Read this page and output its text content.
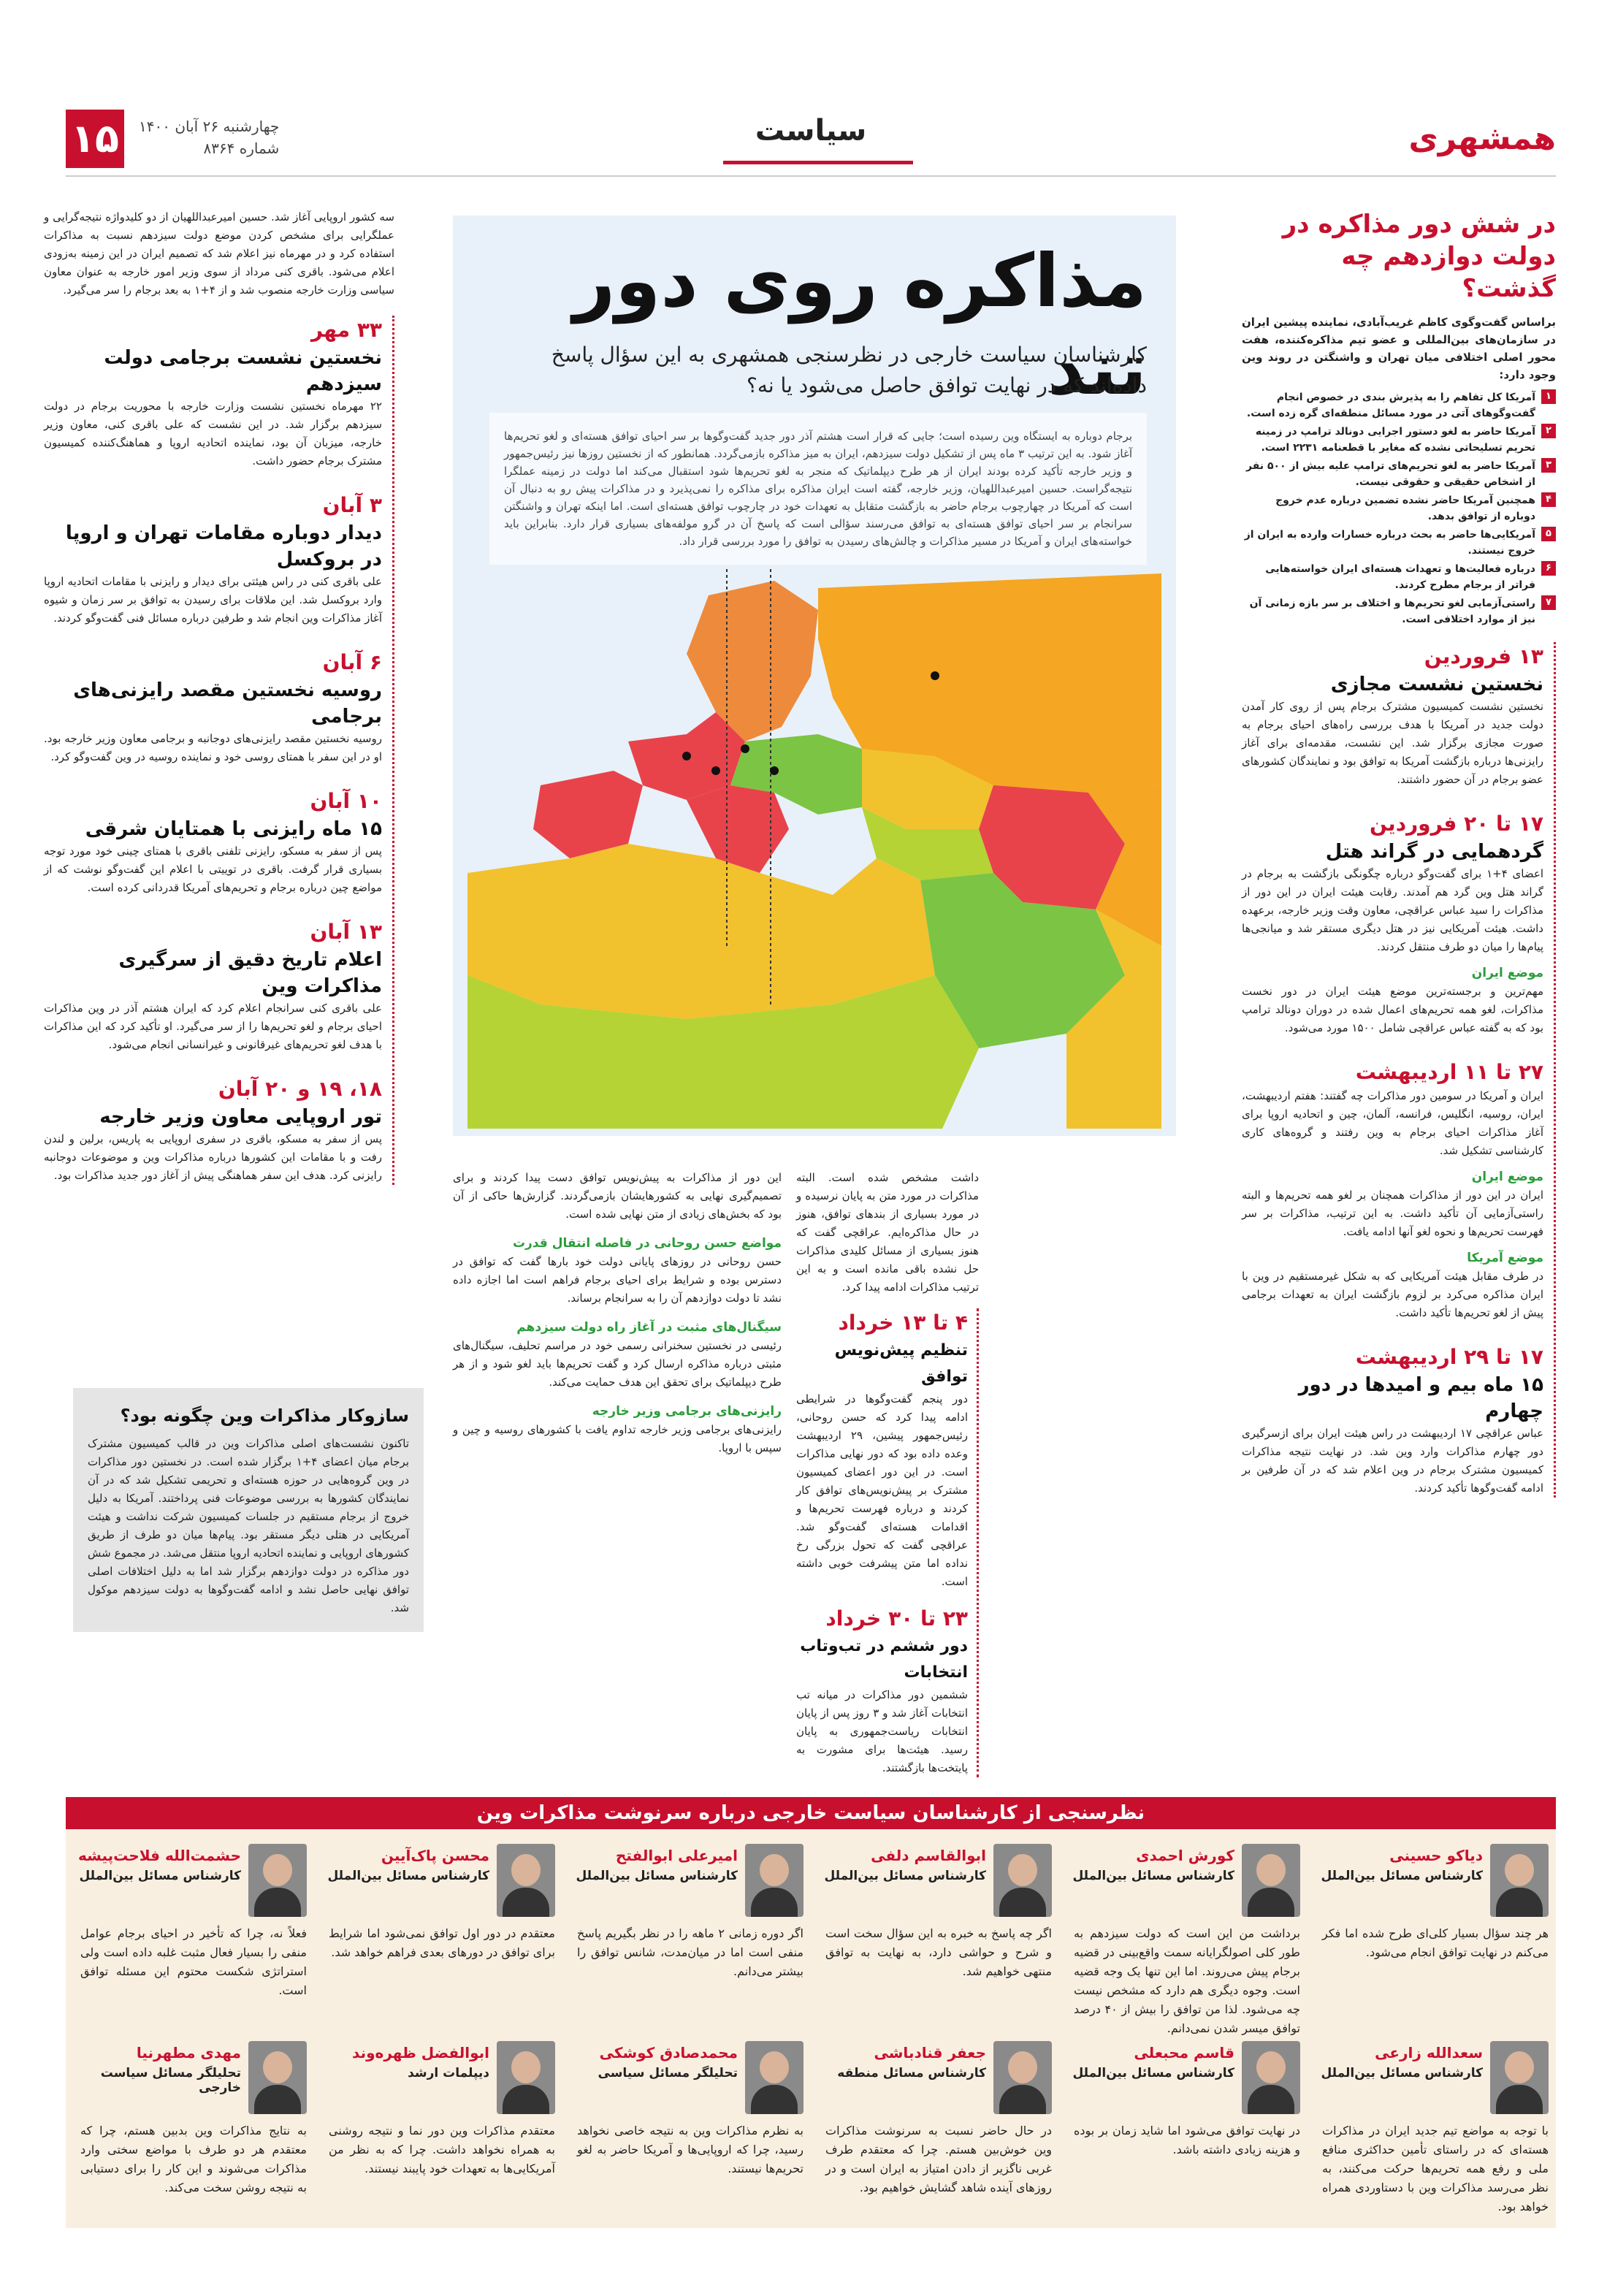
همشهری
سیاست
۱۵	چهارشنبه ۲۶ آبان ۱۴۰۰
شماره ۸۳۶۴
در شش دور مذاکره در دولت دوازدهم چه گذشت؟
براساس گفت‌وگوی کاظم غریب‌آبادی، نماینده پیشین ایران در سازمان‌های بین‌المللی و عضو تیم مذاکره‌کننده، هفت محور اصلی اختلافی میان تهران و واشنگتن در روند وین وجود دارد:
۱
آمریکا کل تفاهم را به پذیرش بندی در خصوص انجام گفت‌وگوهای آتی در مورد مسائل منطقه‌ای گره زده است.
۲
آمریکا حاضر به لغو دستور اجرایی دونالد ترامپ در زمینه تحریم تسلیحاتی نشده که مغایر با قطعنامه ۲۲۳۱ است.
۳
آمریکا حاضر به لغو تحریم‌های ترامپ علیه بیش از ۵۰۰ نفر از اشخاص حقیقی و حقوقی نیست.
۴
همچنین آمریکا حاضر نشده تضمین درباره عدم خروج دوباره از توافق بدهد.
۵
آمریکایی‌ها حاضر به بحث درباره خسارات وارده به ایران از خروج نیستند.
۶
درباره فعالیت‌ها و تعهدات هسته‌ای ایران خواسته‌هایی فراتر از برجام مطرح کردند.
۷
راستی‌آزمایی لغو تحریم‌ها و اختلاف بر سر بازه زمانی آن نیز از موارد اختلافی است.
۱۳ فروردین
نخستین نشست مجازی
نخستین نشست کمیسیون مشترک برجام پس از روی کار آمدن دولت جدید در آمریکا با هدف بررسی راه‌های احیای برجام به صورت مجازی برگزار شد. این نشست، مقدمه‌ای برای آغاز رایزنی‌ها درباره بازگشت آمریکا به توافق بود و نمایندگان کشورهای عضو برجام در آن حضور داشتند.
۱۷ تا ۲۰ فروردین
گردهمایی در گراند هتل
اعضای ۴+۱ برای گفت‌وگو درباره چگونگی بازگشت به برجام در گراند هتل وین گرد هم آمدند. رقابت هیئت ایران در این دور از مذاکرات را سید عباس عراقچی، معاون وقت وزیر خارجه، برعهده داشت. هیئت آمریکایی نیز در هتل دیگری مستقر شد و میانجی‌ها پیام‌ها را میان دو طرف منتقل کردند.
موضع ایران
مهم‌ترین و برجسته‌ترین موضع هیئت ایران در دور نخست مذاکرات، لغو همه تحریم‌های اعمال شده در دوران دونالد ترامپ بود که به گفته عباس عراقچی شامل ۱۵۰۰ مورد می‌شود.
۲۷ تا ۱۱ اردیبهشت
ایران و آمریکا در سومین دور مذاکرات چه گفتند: هفتم اردیبهشت، ایران، روسیه، انگلیس، فرانسه، آلمان، چین و اتحادیه اروپا برای آغاز مذاکرات احیای برجام به وین رفتند و گروه‌های کاری کارشناسی تشکیل شد.
موضع ایران
ایران در این دور از مذاکرات همچنان بر لغو همه تحریم‌ها و البته راستی‌آزمایی آن تأکید داشت. به این ترتیب، مذاکرات بر سر فهرست تحریم‌ها و نحوه لغو آنها ادامه یافت.
موضع آمریکا
در طرف مقابل هیئت آمریکایی که به شکل غیرمستقیم در وین با ایران مذاکره می‌کرد بر لزوم بازگشت ایران به تعهدات برجامی پیش از لغو تحریم‌ها تأکید داشت.
۱۷ تا ۲۹ اردیبهشت
۱۵ ماه بیم و امیدها در دور چهارم
عباس عراقچی ۱۷ اردیبهشت در راس هیئت ایران برای ازسرگیری دور چهارم مذاکرات وارد وین شد. در نهایت نتیجه مذاکرات کمیسیون مشترک برجام در وین اعلام شد که در آن طرفین بر ادامه گفت‌وگوها تأکید کردند.
سه کشور اروپایی آغاز شد. حسین امیرعبداللهیان از دو کلیدواژه نتیجه‌گرایی و عملگرایی برای مشخص کردن موضع دولت سیزدهم نسبت به مذاکرات استفاده کرد و در مهرماه نیز اعلام شد که تصمیم ایران در این زمینه به‌زودی اعلام می‌شود. باقری کنی مرداد از سوی وزیر امور خارجه به عنوان معاون سیاسی وزارت خارجه منصوب شد و از ۴+۱ به بعد برجام را سر می‌گیرد.
۳۳ مهر
نخستین نشست برجامی دولت سیزدهم
۲۲ مهرماه نخستین نشست وزارت خارجه با محوریت برجام در دولت سیزدهم برگزار شد. در این نشست که علی باقری کنی، معاون وزیر خارجه، میزبان آن بود، نماینده اتحادیه اروپا و هماهنگ‌کننده کمیسیون مشترک برجام حضور داشت.
۳ آبان
دیدار دوباره مقامات تهران و اروپا در بروکسل
علی باقری کنی در راس هیئتی برای دیدار و رایزنی با مقامات اتحادیه اروپا وارد بروکسل شد. این ملاقات برای رسیدن به توافق بر سر زمان و شیوه آغاز مذاکرات وین انجام شد و طرفین درباره مسائل فنی گفت‌وگو کردند.
۶ آبان
روسیه نخستین مقصد رایزنی‌های برجامی
روسیه نخستین مقصد رایزنی‌های دوجانبه و برجامی معاون وزیر خارجه بود. او در این سفر با همتای روسی خود و نماینده روسیه در وین گفت‌وگو کرد.
۱۰ آبان
۱۵ ماه رایزنی با همتایان شرقی
پس از سفر به مسکو، رایزنی تلفنی باقری با همتای چینی خود مورد توجه بسیاری قرار گرفت. باقری در توییتی با اعلام این گفت‌وگو نوشت که از مواضع چین درباره برجام و تحریم‌های آمریکا قدردانی کرده است.
۱۳ آبان
اعلام تاریخ دقیق از سرگیری مذاکرات وین
علی باقری کنی سرانجام اعلام کرد که ایران هشتم آذر در وین مذاکرات احیای برجام و لغو تحریم‌ها را از سر می‌گیرد. او تأکید کرد که این مذاکرات با هدف لغو تحریم‌های غیرقانونی و غیرانسانی انجام می‌شود.
۱۸، ۱۹ و ۲۰ آبان
تور اروپایی معاون وزیر خارجه
پس از سفر به مسکو، باقری در سفری اروپایی به پاریس، برلین و لندن رفت و با مقامات این کشورها درباره مذاکرات وین و موضوعات دوجانبه رایزنی کرد. هدف این سفر هماهنگی پیش از آغاز دور جدید مذاکرات بود.
مذاکره روی دور تند
کارشناسان سیاست خارجی در نظرسنجی همشهری به این سؤال پاسخ داده‌اند که در نهایت توافق حاصل می‌شود یا نه؟
برجام دوباره به ایستگاه وین رسیده است؛ جایی که قرار است هشتم آذر دور جدید گفت‌وگوها بر سر احیای توافق هسته‌ای و لغو تحریم‌ها آغاز شود. به این ترتیب ۳ ماه پس از تشکیل دولت سیزدهم، ایران به میز مذاکره بازمی‌گردد. همانطور که از نخستین روزها نیز رئیس‌جمهور و وزیر خارجه تأکید کرده بودند ایران از هر طرح دیپلماتیک که منجر به لغو تحریم‌ها شود استقبال می‌کند اما دولت در زمینه عملگرا نتیجه‌گراست. حسین امیرعبداللهیان، وزیر خارجه، گفته است ایران مذاکره برای مذاکره را نمی‌پذیرد و در مذاکرات پیش رو به دنبال آن است که آمریکا در چهارچوب برجام حاضر به بازگشت متقابل به تعهدات خود در چارچوب توافق هسته‌ای است. اما اینکه تهران و واشنگتن سرانجام بر سر احیای توافق هسته‌ای به توافق می‌رسند سؤالی است که پاسخ آن در گرو مولفه‌های بسیاری قرار دارد. بنابراین باید خواسته‌های ایران و آمریکا در مسیر مذاکرات و چالش‌های رسیدن به توافق را مورد بررسی قرار داد.
داشت مشخص شده است. البته مذاکرات در مورد متن به پایان نرسیده و در مورد بسیاری از بندهای توافق، هنوز در حال مذاکره‌ایم. عراقچی گفت که هنوز بسیاری از مسائل کلیدی مذاکرات حل نشده باقی مانده است و به این ترتیب مذاکرات ادامه پیدا کرد.
۴ تا ۱۳ خرداد
تنظیم پیش‌نویس توافق
دور پنجم گفت‌وگوها در شرایطی ادامه پیدا کرد که حسن روحانی، رئیس‌جمهور پیشین، ۲۹ اردیبهشت وعده داده بود که دور نهایی مذاکرات است. در این دور اعضای کمیسیون مشترک بر پیش‌نویس‌های توافق کار کردند و درباره فهرست تحریم‌ها و اقدامات هسته‌ای گفت‌وگو شد. عراقچی گفت که تحول بزرگی رخ نداده اما متن پیشرفت خوبی داشته است.
۲۳ تا ۳۰ خرداد
دور ششم در تب‌وتاب انتخابات
ششمین دور مذاکرات در میانه تب انتخابات آغاز شد و ۳ روز پس از پایان انتخابات ریاست‌جمهوری به پایان رسید. هیئت‌ها برای مشورت به پایتخت‌ها بازگشتند.
این دور از مذاکرات به پیش‌نویس توافق دست پیدا کردند و برای تصمیم‌گیری نهایی به کشورهایشان بازمی‌گردند. گزارش‌ها حاکی از آن بود که بخش‌های زیادی از متن نهایی شده است.
مواضع حسن روحانی در فاصله انتقال قدرت
حسن روحانی در روزهای پایانی دولت خود بارها گفت که توافق در دسترس بوده و شرایط برای احیای برجام فراهم است اما اجازه داده نشد تا دولت دوازدهم آن را به سرانجام برساند.
سیگنال‌های مثبت در آغاز راه دولت سیزدهم
رئیسی در نخستین سخنرانی رسمی خود در مراسم تحلیف، سیگنال‌های مثبتی درباره مذاکره ارسال کرد و گفت تحریم‌ها باید لغو شود و از هر طرح دیپلماتیک برای تحقق این هدف حمایت می‌کند.
رایزنی‌های برجامی وزیر خارجه
رایزنی‌های برجامی وزیر خارجه تداوم یافت با کشورهای روسیه و چین و سپس با اروپا.
سازوکار مذاکرات وین چگونه بود؟
تاکنون نشست‌های اصلی مذاکرات وین در قالب کمیسیون مشترک برجام میان اعضای ۴+۱ برگزار شده است. در نخستین دور مذاکرات در وین گروه‌هایی در حوزه هسته‌ای و تحریمی تشکیل شد که در آن نمایندگان کشورها به بررسی موضوعات فنی پرداختند. آمریکا به دلیل خروج از برجام مستقیم در جلسات کمیسیون شرکت نداشت و هیئت آمریکایی در هتلی دیگر مستقر بود. پیام‌ها میان دو طرف از طریق کشورهای اروپایی و نماینده اتحادیه اروپا منتقل می‌شد. در مجموع شش دور مذاکره در دولت دوازدهم برگزار شد اما به دلیل اختلافات اصلی توافق نهایی حاصل نشد و ادامه گفت‌وگوها به دولت سیزدهم موکول شد.
نظرسنجی از کارشناسان سیاست خارجی درباره سرنوشت مذاکرات وین
دیاکو حسینی
کارشناس مسائل بین‌الملل
هر چند سؤال بسیار کلی‌ای طرح شده اما فکر می‌کنم در نهایت توافق انجام می‌شود.
کورش احمدی
کارشناس مسائل بین‌الملل
برداشت من این است که دولت سیزدهم به طور کلی اصولگرایانه سمت واقع‌بینی در قضیه برجام پیش می‌روند. اما این تنها یک وجه قضیه است. وجوه دیگری هم دارد که مشخص نیست چه می‌شود. لذا من توافق را بیش از ۴۰ درصد توافق میسر شدن نمی‌دانم.
ابوالقاسم دلفی
کارشناس مسائل بین‌الملل
اگر چه پاسخ به‌ خبره به این سؤال سخت است و شرح و حواشی دارد، به نهایت به توافق منتهی خواهیم شد.
امیرعلی ابوالفتح
کارشناس مسائل بین‌الملل
اگر دوره زمانی ۲ ماهه را در نظر بگیریم پاسخ منفی است اما در میان‌مدت، شانس توافق را بیشتر می‌دانم.
محسن پاک‌آیین
کارشناس مسائل بین‌الملل
معتقدم در دور اول توافق نمی‌شود اما شرایط برای توافق در دورهای بعدی فراهم خواهد شد.
حشمت‌الله فلاحت‌پیشه
کارشناس مسائل بین‌الملل
فعلاً نه، چرا که تأخیر در احیای برجام عوامل منفی را بسیار فعال مثبت غلبه داده است ولی استراتژی شکست محتوم این مسئله توافق است.
سعدالله زارعی
کارشناس مسائل بین‌الملل
با توجه به مواضع تیم جدید ایران در مذاکرات هسته‌ای که در راستای تأمین حداکثری منافع ملی و رفع همه تحریم‌ها حرکت می‌کنند، به نظر می‌رسد مذاکرات وین با دستاوردی همراه خواهد بود.
قاسم محبعلی
کارشناس مسائل بین‌الملل
در نهایت توافق می‌شود اما شاید زمان بر بوده و هزینه زیادی داشته باشد.
جعفر قنادباشی
کارشناس مسائل منطقه
در حال حاضر نسبت به سرنوشت مذاکرات وین خوش‌بین هستم. چرا که معتقدم طرف غربی ناگزیر از دادن امتیاز به ایران است و در روزهای آینده شاهد گشایش خواهیم بود.
محمدصادق کوشکی
تحلیلگر مسائل سیاسی
به نظرم مذاکرات وین به نتیجه خاصی نخواهد رسید، چرا که اروپایی‌ها و آمریکا حاضر به لغو تحریم‌ها نیستند.
ابوالفضل ظهره‌وند
دیپلمات ارشد
معتقدم مذاکرات وین دور نما و نتیجه روشنی به همراه نخواهد داشت. چرا که به نظر من آمریکایی‌ها به تعهدات خود پایبند نیستند.
مهدی مطهرنیا
تحلیلگر مسائل سیاست خارجی
به نتایج مذاکرات وین بدبین هستم، چرا که معتقدم هر دو طرف با مواضع سختی وارد مذاکرات می‌شوند و این کار را برای دستیابی به نتیجه روشن سخت می‌کند.
